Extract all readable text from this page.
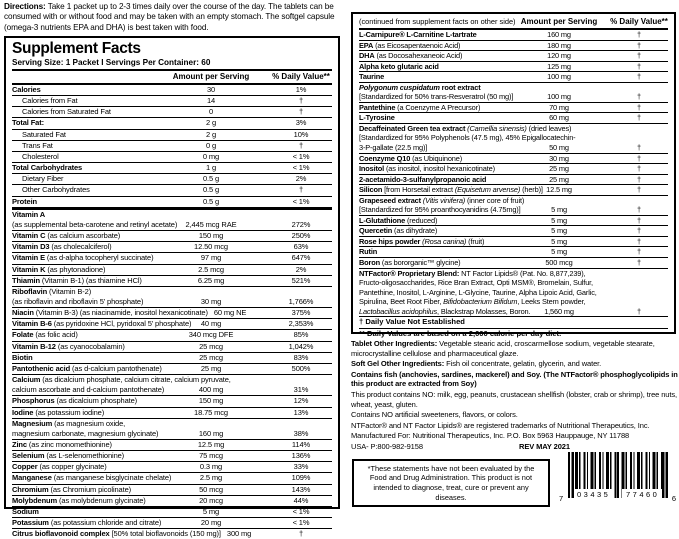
Directions: Take 1 packet up to 2-3 times daily over the course of the day. The tablets can be consumed with or without food and may be taken with an empty stomach. The softgel capsule (omega-3 nutrients EPA and DHA) is best taken with food.

Supplement Facts
Serving Size: 1 Packet I Servings Per Container: 60

Amount per Serving	% Daily Value**
Calories	30	1%
Calories from Fat	14	†
Calories from Saturated Fat	0	†
Total Fat:	2 g	3%
Saturated Fat	2 g	10%
Trans Fat	0 g	†
Cholesterol	0 mg	< 1%
Total Carbohydrates	1 g	< 1%
Dietary Fiber	0.5 g	2%
Other Carbohydrates	0.5 g	†
Protein	0.5 g	< 1%
Vitamin A
(as supplemental beta-carotene and retinyl acetate)	2,445 mcg RAE	272%
Vitamin C (as calcium ascorbate)	150 mg	250%
Vitamin D3 (as cholecalciferol)	12.50 mcg	63%
Vitamin E (as d-alpha tocopheryl succinate)	97 mg	647%
Vitamin K (as phytonadione)	2.5 mcg	2%
Thiamin (Vitamin B-1) (as thiamine HCl)	6.25 mg	521%
Riboflavin (Vitamin B-2)
(as riboflavin and riboflavin 5' phosphate)	30 mg	1,766%
Niacin (Vitamin B-3) (as niacinamide, inositol hexanicotinate) 60 mg NE	375%
Vitamin B-6 (as pyridoxine HCl, pyridoxal 5' phosphate)	40 mg	2,353%
Folate (as folic acid)	340 mcg DFE	85%
Vitamin B-12 (as cyanocobalamin)	25 mcg	1,042%
Biotin	25 mcg	83%
Pantothenic acid (as d-calcium pantothenate)	25 mg	500%
Calcium (as dicalcium phosphate, calcium citrate, calcium pyruvate,
calcium ascorbate and d-calcium pantothenate)	400 mg	31%
Phosphorus (as dicalcium phosphate)	150 mg	12%
Iodine (as potassium iodine)	18.75 mcg	13%
Magnesium (as magnesium oxide,
magnesium carbonate, magnesium glycinate)	160 mg	38%
Zinc (as zinc monomethionine)	12.5 mg	114%
Selenium (as L-selenomethionine)	75 mcg	136%
Copper (as copper glycinate)	0.3 mg	33%
Manganese (as manganese bisglycinate chelate)	2.5 mg	109%
Chromium (as Chromium picolinate)	50 mcg	143%
Molybdenum (as molybdenum glycinate)	20 mcg	44%
Sodium	5 mg	< 1%
Potassium (as potassium chloride and citrate)	20 mg	< 1%
Citrus bioflavonoid complex [50% total bioflavonoids (150 mg)] 300 mg	†
(continued from supplement facts on other side) Amount per Serving	% Daily Value**
L-Carnipure® L-Carnitine L-tartrate	160 mg	†
EPA (as Eicosapentaenoic Acid)	180 mg	†
DHA (as Docosahexaneoic Acid)	120 mg	†
Alpha keto glutaric acid	125 mg	†
Taurine	100 mg	†
Polygonum cuspidatum root extract
[Standardized for 50% trans-Resveratrol (50 mg)]	100 mg	†
Pantethine (a Coenzyme A Precursor)	70 mg	†
L-Tyrosine	60 mg	†
Decaffeinated Green tea extract (Camellia sinensis) (dried leaves)
[Standardized for 95% Polyphenols (47.5 mg), 45% Epigallocatechin-
3-P-gallate (22.5 mg)]	50 mg	†
Coenzyme Q10 (as Ubiquinone)	30 mg	†
Inositol (as inositol, inositol hexanicotinate)	25 mg	†
2-acetamido-3-sulfanylpropanoic acid	25 mg	†
Silicon [from Horsetail extract (Equisetum arvense) (herb)] 12.5 mg	†
Grapeseed extract (Vitis vinifera) (inner core of fruit)
[Standardized for 95% proanthocyanidins (4.75mg)]	5 mg	†
L-Glutathione (reduced)	5 mg	†
Quercetin (as dihydrate)	5 mg	†
Rose hips powder (Rosa canina) (fruit)	5 mg	†
Rutin	5 mg	†
Boron (as bororganic™ glycine)	500 mcg	†
NTFactor® Proprietary Blend: NT Factor Lipids® (Pat. No. 8,877,239),
Fructo-oligosaccharides, Rice Bran Extract, Opti MSM®, Bromelain, Sulfur,
Pantethine, Inositol, L-Arginine, L-Glycine, Taurine, Alpha Lipoic Acid, Garlic,
Spirulina, Beet Root Fiber, Bifidobacterium Bifidum, Leeks Stem powder,
Lactobacillus acidophilus, Blackstrap Molasses, Boron.	1,560 mg	†
† Daily Value Not Established
** Daily Values are based on a 2,000 calorie per day diet.

Tablet Other Ingredients: Vegetable stearic acid, croscarmellose sodium, vegetable stearate, microcrystalline cellulose and pharmaceutical glaze.

Soft Gel Other Ingredients: Fish oil concentrate, gelatin, glycerin, and water.

Contains fish (anchovies, sardines, mackerel) and Soy. (The NTFactor® phosphoglycolipids in this product are extracted from Soy)

This product contains NO: milk, egg, peanuts, crustacean shellfish (lobster, crab or shrimp), tree nuts, wheat, yeast, gluten.

Contains NO artificial sweeteners, flavors, or colors.

NTFactor® and NT Factor Lipids® are registered trademarks of Nutritional Therapeutics, Inc.

Manufactured For: Nutritional Therapeutics, Inc. P.O. Box 5963 Hauppauge, NY 11788

USA- P:800-982-9158	REV MAY 2021
*These statements have not been evaluated by the Food and Drug Administration. This product is not intended to diagnose, treat, cure or prevent any diseases.	03435 77460
7	6
